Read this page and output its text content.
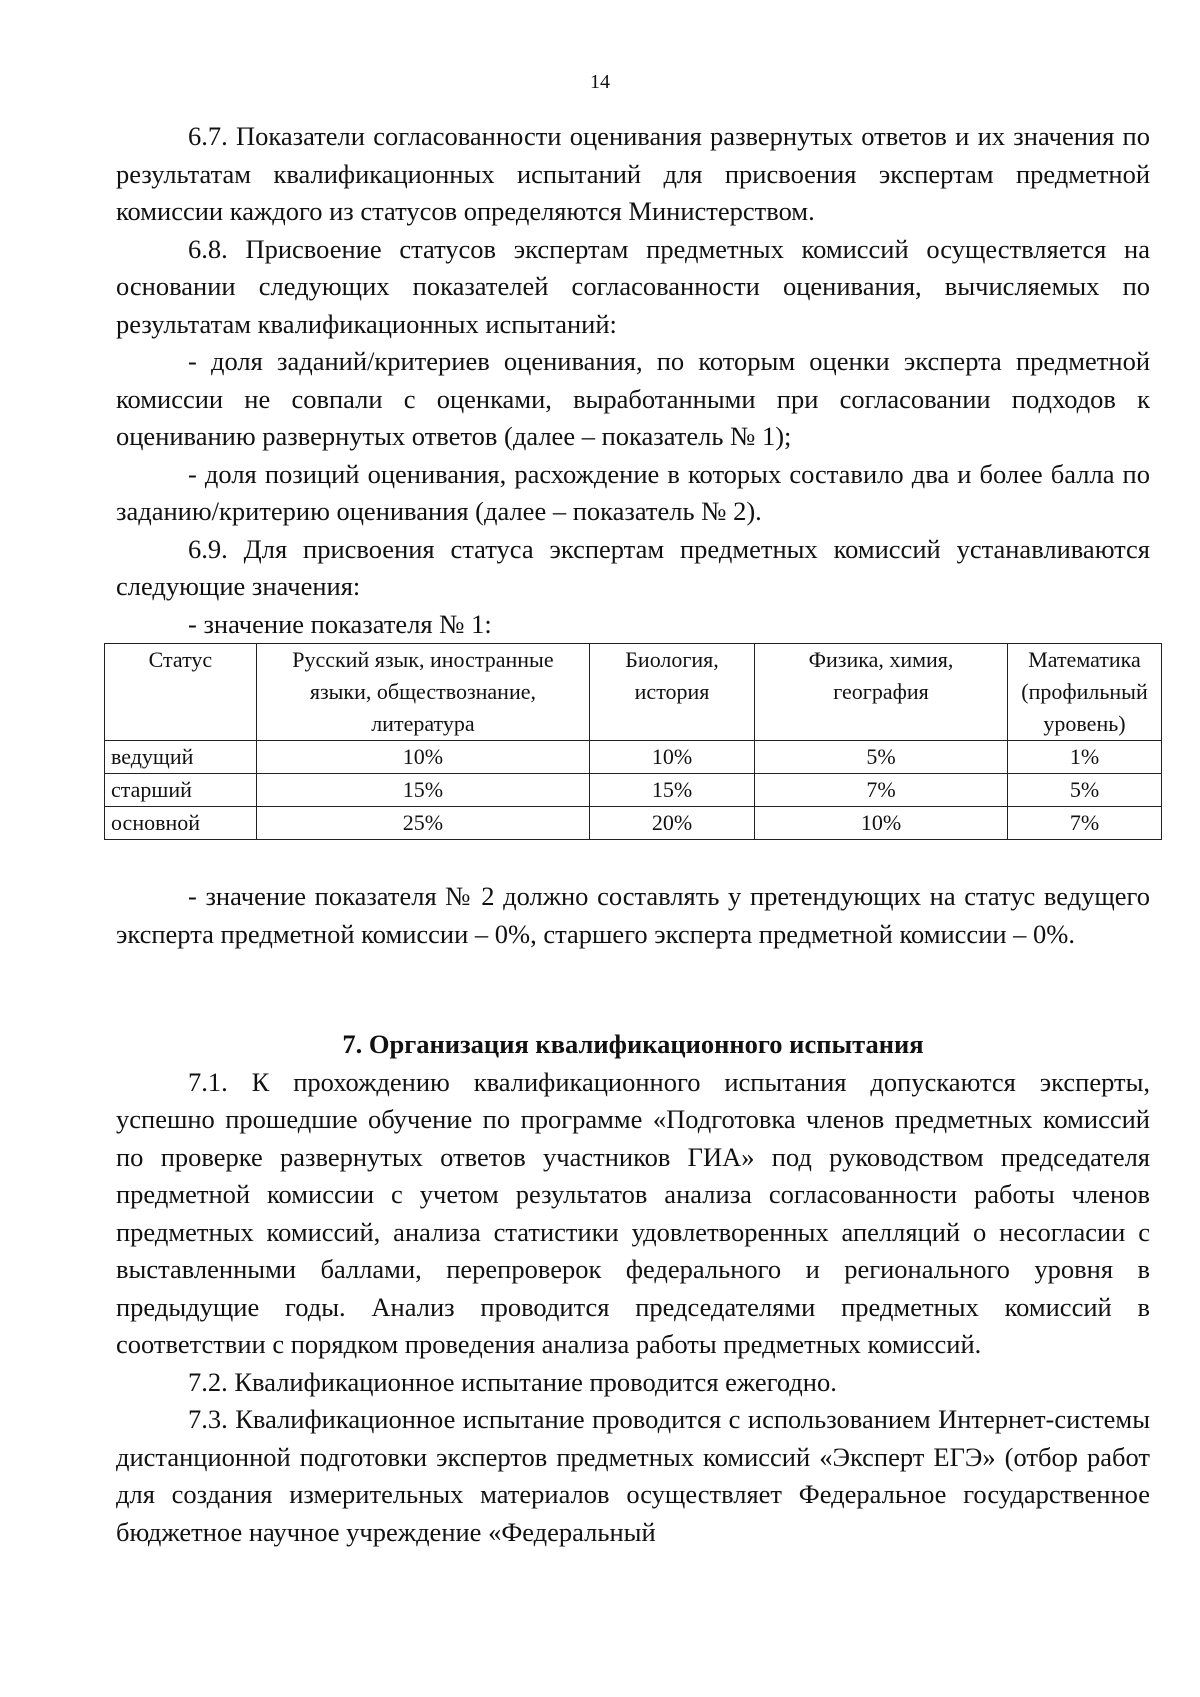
14

6.7. Показатели согласованности оценивания развернутых ответов и их значения по результатам квалификационных испытаний для присвоения экспертам предметной комиссии каждого из статусов определяются Министерством.

6.8. Присвоение статусов экспертам предметных комиссий осуществляется на основании следующих показателей согласованности оценивания, вычисляемых по результатам квалификационных испытаний:

- доля заданий/критериев оценивания, по которым оценки эксперта предметной комиссии не совпали с оценками, выработанными при согласовании подходов к оцениванию развернутых ответов (далее – показатель № 1);

- доля позиций оценивания, расхождение в которых составило два и более балла по заданию/критерию оценивания (далее – показатель № 2).

6.9. Для присвоения статуса экспертам предметных комиссий устанавливаются следующие значения:

- значение показателя № 1:

Статус	Русский язык, иностранные языки, обществознание, литература	Биология, история	Физика, химия, география	Математика (профильный уровень)
ведущий	10%	10%	5%	1%
старший	15%	15%	7%	5%
основной	25%	20%	10%	7%

- значение показателя № 2 должно составлять у претендующих на статус ведущего эксперта предметной комиссии – 0%, старшего эксперта предметной комиссии – 0%.

7. Организация квалификационного испытания

7.1. К прохождению квалификационного испытания допускаются эксперты, успешно прошедшие обучение по программе «Подготовка членов предметных комиссий по проверке развернутых ответов участников ГИА» под руководством председателя предметной комиссии с учетом результатов анализа согласованности работы членов предметных комиссий, анализа статистики удовлетворенных апелляций о несогласии с выставленными баллами, перепроверок федерального и регионального уровня в предыдущие годы. Анализ проводится председателями предметных комиссий в соответствии с порядком проведения анализа работы предметных комиссий.

7.2. Квалификационное испытание проводится ежегодно.

7.3. Квалификационное испытание проводится с использованием Интернет-системы дистанционной подготовки экспертов предметных комиссий «Эксперт ЕГЭ» (отбор работ для создания измерительных материалов осуществляет Федеральное государственное бюджетное научное учреждение «Федеральный
